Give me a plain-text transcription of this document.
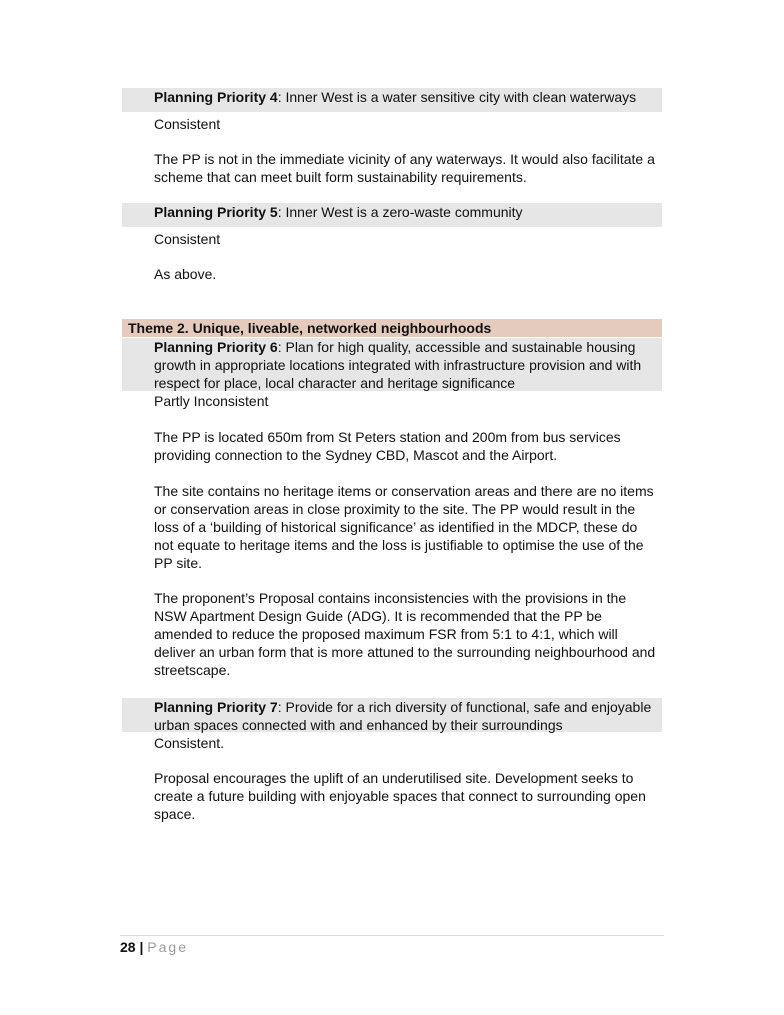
Planning Priority 4: Inner West is a water sensitive city with clean waterways

Consistent

The PP is not in the immediate vicinity of any waterways. It would also facilitate a scheme that can meet built form sustainability requirements.

Planning Priority 5: Inner West is a zero-waste community

Consistent

As above.

Theme 2. Unique, liveable, networked neighbourhoods
Planning Priority 6: Plan for high quality, accessible and sustainable housing growth in appropriate locations integrated with infrastructure provision and with respect for place, local character and heritage significance

Partly Inconsistent

The PP is located 650m from St Peters station and 200m from bus services providing connection to the Sydney CBD, Mascot and the Airport.

The site contains no heritage items or conservation areas and there are no items or conservation areas in close proximity to the site. The PP would result in the loss of a ‘building of historical significance’ as identified in the MDCP, these do not equate to heritage items and the loss is justifiable to optimise the use of the PP site.

The proponent’s Proposal contains inconsistencies with the provisions in the NSW Apartment Design Guide (ADG). It is recommended that the PP be amended to reduce the proposed maximum FSR from 5:1 to 4:1, which will deliver an urban form that is more attuned to the surrounding neighbourhood and streetscape.

Planning Priority 7: Provide for a rich diversity of functional, safe and enjoyable urban spaces connected with and enhanced by their surroundings

Consistent.

Proposal encourages the uplift of an underutilised site. Development seeks to create a future building with enjoyable spaces that connect to surrounding open space.

28 | Page
